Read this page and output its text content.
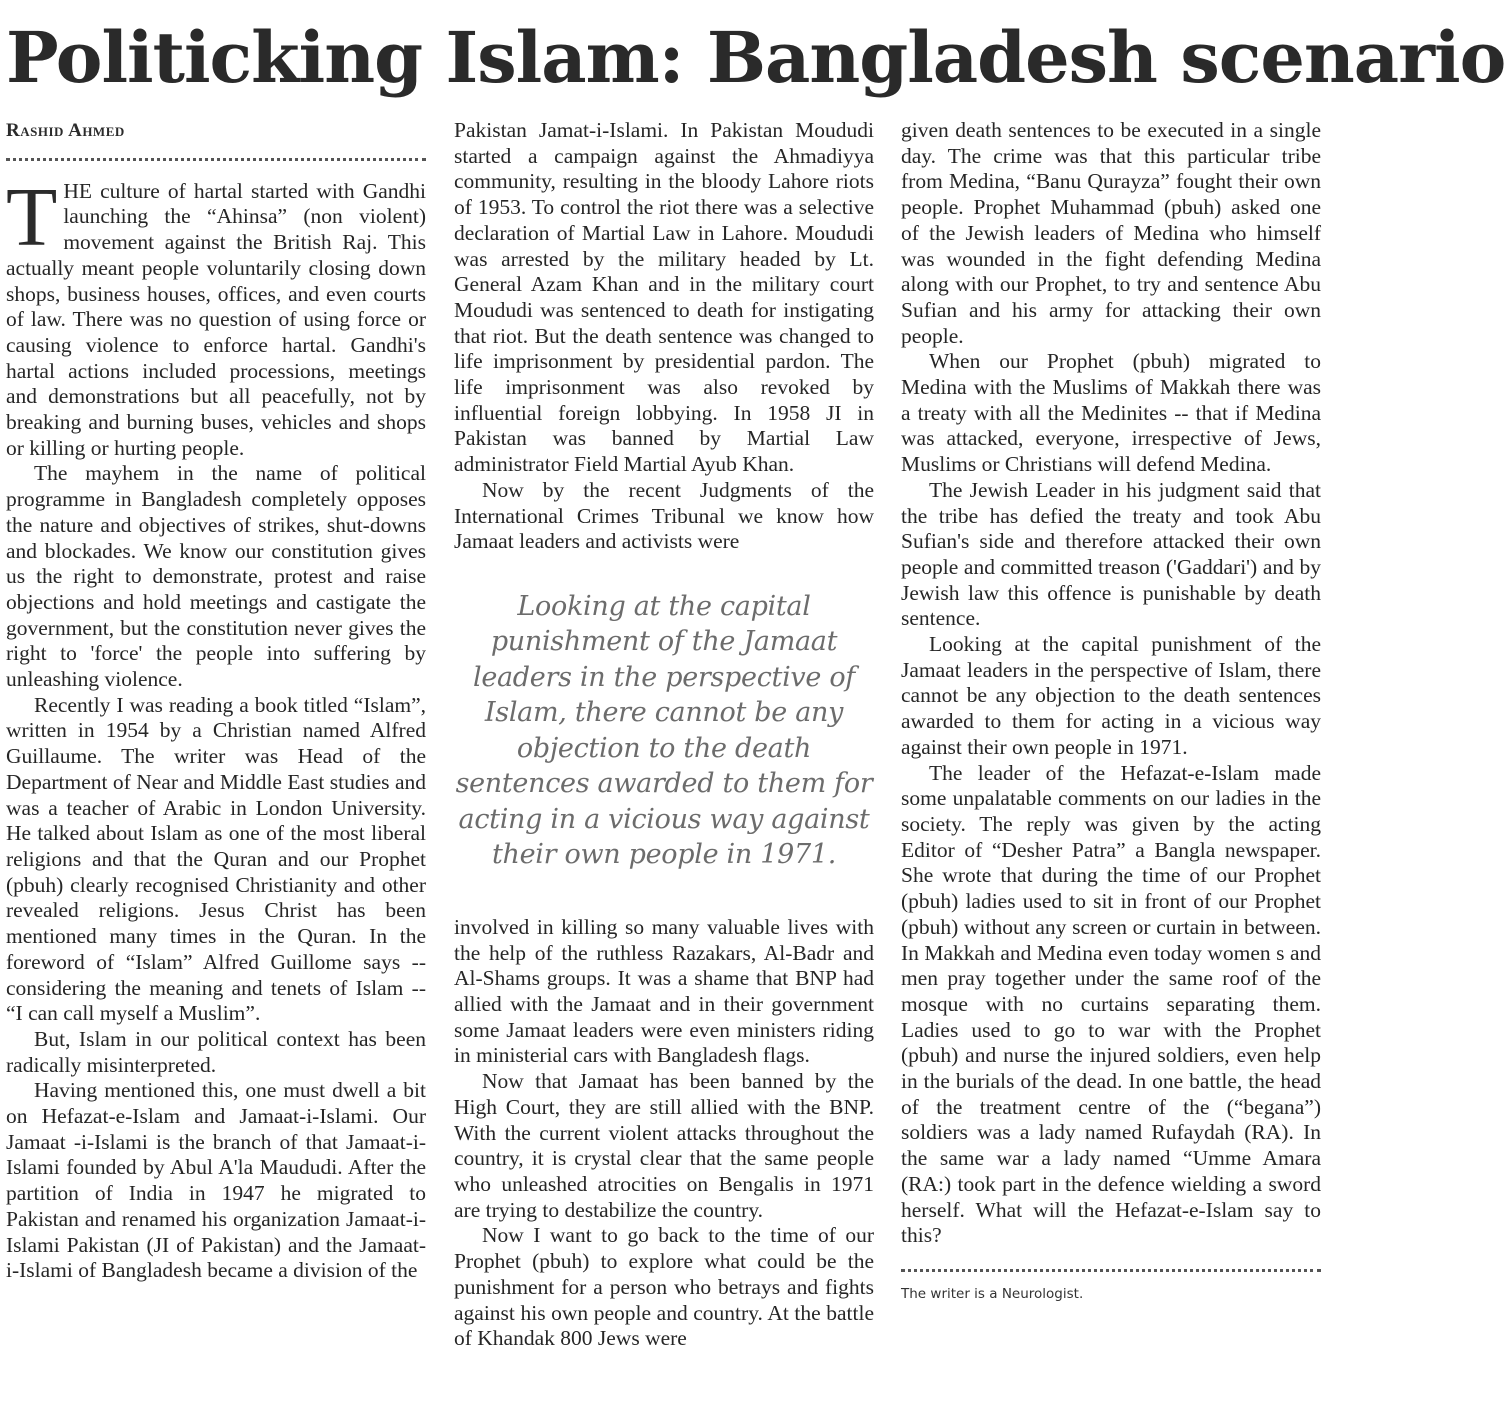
Politicking Islam: Bangladesh scenario
Rashid Ahmed

THE culture of hartal started with Gandhi launching the “Ahinsa” (non violent) movement against the British Raj. This actually meant people voluntarily closing down shops, business houses, offices, and even courts of law. There was no question of using force or causing violence to enforce hartal. Gandhi's hartal actions included processions, meetings and demonstrations but all peacefully, not by breaking and burning buses, vehicles and shops or killing or hurting people.

The mayhem in the name of political programme in Bangladesh completely opposes the nature and objectives of strikes, shut-downs and blockades. We know our constitution gives us the right to demonstrate, protest and raise objections and hold meetings and castigate the government, but the constitution never gives the right to 'force' the people into suffering by unleashing violence.

Recently I was reading a book titled “Islam”, written in 1954 by a Christian named Alfred Guillaume. The writer was Head of the Department of Near and Middle East studies and was a teacher of Arabic in London University. He talked about Islam as one of the most liberal religions and that the Quran and our Prophet (pbuh) clearly recognised Christianity and other revealed religions. Jesus Christ has been mentioned many times in the Quran. In the foreword of “Islam” Alfred Guillome says -- considering the meaning and tenets of Islam -- “I can call myself a Muslim”.

But, Islam in our political context has been radically misinterpreted.

Having mentioned this, one must dwell a bit on Hefazat-e-Islam and Jamaat-i-Islami. Our Jamaat -i-Islami is the branch of that Jamaat-i-Islami founded by Abul A'la Maududi. After the partition of India in 1947 he migrated to Pakistan and renamed his organization Jamaat-i-Islami Pakistan (JI of Pakistan) and the Jamaat-i-Islami of Bangladesh became a division of the

Pakistan Jamat-i-Islami. In Pakistan Moududi started a campaign against the Ahmadiyya community, resulting in the bloody Lahore riots of 1953. To control the riot there was a selective declaration of Martial Law in Lahore. Moududi was arrested by the military headed by Lt. General Azam Khan and in the military court Moududi was sentenced to death for instigating that riot. But the death sentence was changed to life imprisonment by presidential pardon. The life imprisonment was also revoked by influential foreign lobbying. In 1958 JI in Pakistan was banned by Martial Law administrator Field Martial Ayub Khan.

Now by the recent Judgments of the International Crimes Tribunal we know how Jamaat leaders and activists were

Looking at the capital punishment of the Jamaat leaders in the perspective of Islam, there cannot be any objection to the death sentences awarded to them for acting in a vicious way against their own people in 1971.

involved in killing so many valuable lives with the help of the ruthless Razakars, Al-Badr and Al-Shams groups. It was a shame that BNP had allied with the Jamaat and in their government some Jamaat leaders were even ministers riding in ministerial cars with Bangladesh flags.

Now that Jamaat has been banned by the High Court, they are still allied with the BNP. With the current violent attacks throughout the country, it is crystal clear that the same people who unleashed atrocities on Bengalis in 1971 are trying to destabilize the country.

Now I want to go back to the time of our Prophet (pbuh) to explore what could be the punishment for a person who betrays and fights against his own people and country. At the battle of Khandak 800 Jews were

given death sentences to be executed in a single day. The crime was that this particular tribe from Medina, “Banu Qurayza” fought their own people. Prophet Muhammad (pbuh) asked one of the Jewish leaders of Medina who himself was wounded in the fight defending Medina along with our Prophet, to try and sentence Abu Sufian and his army for attacking their own people.

When our Prophet (pbuh) migrated to Medina with the Muslims of Makkah there was a treaty with all the Medinites -- that if Medina was attacked, everyone, irrespective of Jews, Muslims or Christians will defend Medina.

The Jewish Leader in his judgment said that the tribe has defied the treaty and took Abu Sufian's side and therefore attacked their own people and committed treason ('Gaddari') and by Jewish law this offence is punishable by death sentence.

Looking at the capital punishment of the Jamaat leaders in the perspective of Islam, there cannot be any objection to the death sentences awarded to them for acting in a vicious way against their own people in 1971.

The leader of the Hefazat-e-Islam made some unpalatable comments on our ladies in the society. The reply was given by the acting Editor of “Desher Patra” a Bangla newspaper. She wrote that during the time of our Prophet (pbuh) ladies used to sit in front of our Prophet (pbuh) without any screen or curtain in between. In Makkah and Medina even today women s and men pray together under the same roof of the mosque with no curtains separating them. Ladies used to go to war with the Prophet (pbuh) and nurse the injured soldiers, even help in the burials of the dead. In one battle, the head of the treatment centre of the (“begana”) soldiers was a lady named Rufaydah (RA). In the same war a lady named “Umme Amara (RA:) took part in the defence wielding a sword herself. What will the Hefazat-e-Islam say to this?

The writer is a Neurologist.
